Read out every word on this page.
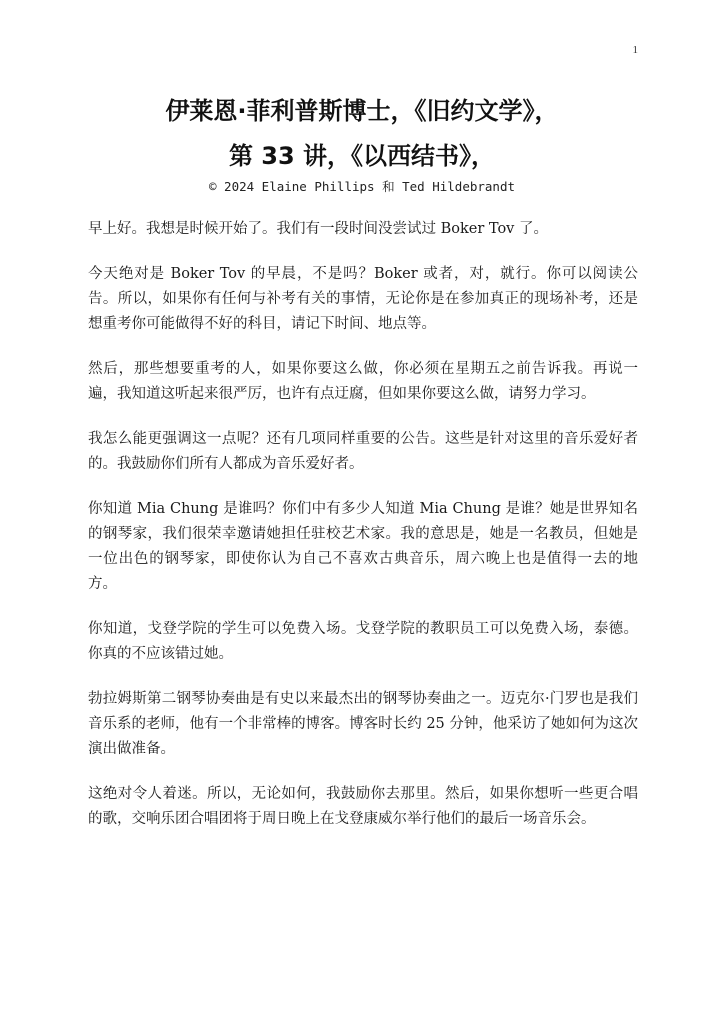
1
伊莱恩·菲利普斯博士，《旧约文学》，
第 33 讲，《以西结书》，
© 2024 Elaine Phillips 和 Ted Hildebrandt

早上好。我想是时候开始了。我们有一段时间没尝试过 Boker Tov 了。

今天绝对是 Boker Tov 的早晨，不是吗？Boker 或者，对，就行。你可以阅读公告。所以，如果你有任何与补考有关的事情，无论你是在参加真正的现场补考，还是想重考你可能做得不好的科目，请记下时间、地点等。

然后，那些想要重考的人，如果你要这么做，你必须在星期五之前告诉我。再说一遍，我知道这听起来很严厉，也许有点迂腐，但如果你要这么做，请努力学习。

我怎么能更强调这一点呢？还有几项同样重要的公告。这些是针对这里的音乐爱好者的。我鼓励你们所有人都成为音乐爱好者。

你知道 Mia Chung 是谁吗？你们中有多少人知道 Mia Chung 是谁？她是世界知名的钢琴家，我们很荣幸邀请她担任驻校艺术家。我的意思是，她是一名教员，但她是一位出色的钢琴家，即使你认为自己不喜欢古典音乐，周六晚上也是值得一去的地方。

你知道，戈登学院的学生可以免费入场。戈登学院的教职员工可以免费入场，泰德。你真的不应该错过她。

勃拉姆斯第二钢琴协奏曲是有史以来最杰出的钢琴协奏曲之一。迈克尔·门罗也是我们音乐系的老师，他有一个非常棒的博客。博客时长约 25 分钟，他采访了她如何为这次演出做准备。

这绝对令人着迷。所以，无论如何，我鼓励你去那里。然后，如果你想听一些更合唱的歌，交响乐团合唱团将于周日晚上在戈登康威尔举行他们的最后一场音乐会。
